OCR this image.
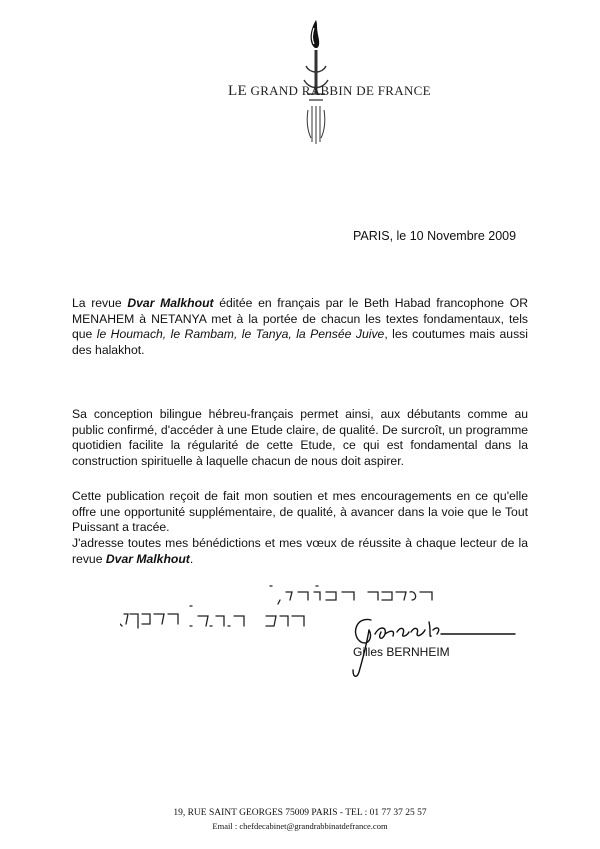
LE GRAND RABBIN DE FRANCE
PARIS, le 10 Novembre 2009

La revue Dvar Malkhout éditée en français par le Beth Habad francophone OR MENAHEM à NETANYA met à la portée de chacun les textes fondamentaux, tels que le Houmach, le Rambam, le Tanya, la Pensée Juive, les coutumes mais aussi des halakhot.

Sa conception bilingue hébreu-français permet ainsi, aux débutants comme au public confirmé, d'accéder à une Etude claire, de qualité. De surcroît, un programme quotidien facilite la régularité de cette Etude, ce qui est fondamental dans la construction spirituelle à laquelle chacun de nous doit aspirer.

Cette publication reçoit de fait mon soutien et mes encouragements en ce qu'elle offre une opportunité supplémentaire, de qualité, à avancer dans la voie que le Tout Puissant a tracée.

J'adresse toutes mes bénédictions et mes vœux de réussite à chaque lecteur de la revue Dvar Malkhout.

Gilles BERNHEIM
19, RUE SAINT GEORGES 75009 PARIS - TEL : 01 77 37 25 57
Email : chefdecabinet@grandrabbinatdefrance.com
